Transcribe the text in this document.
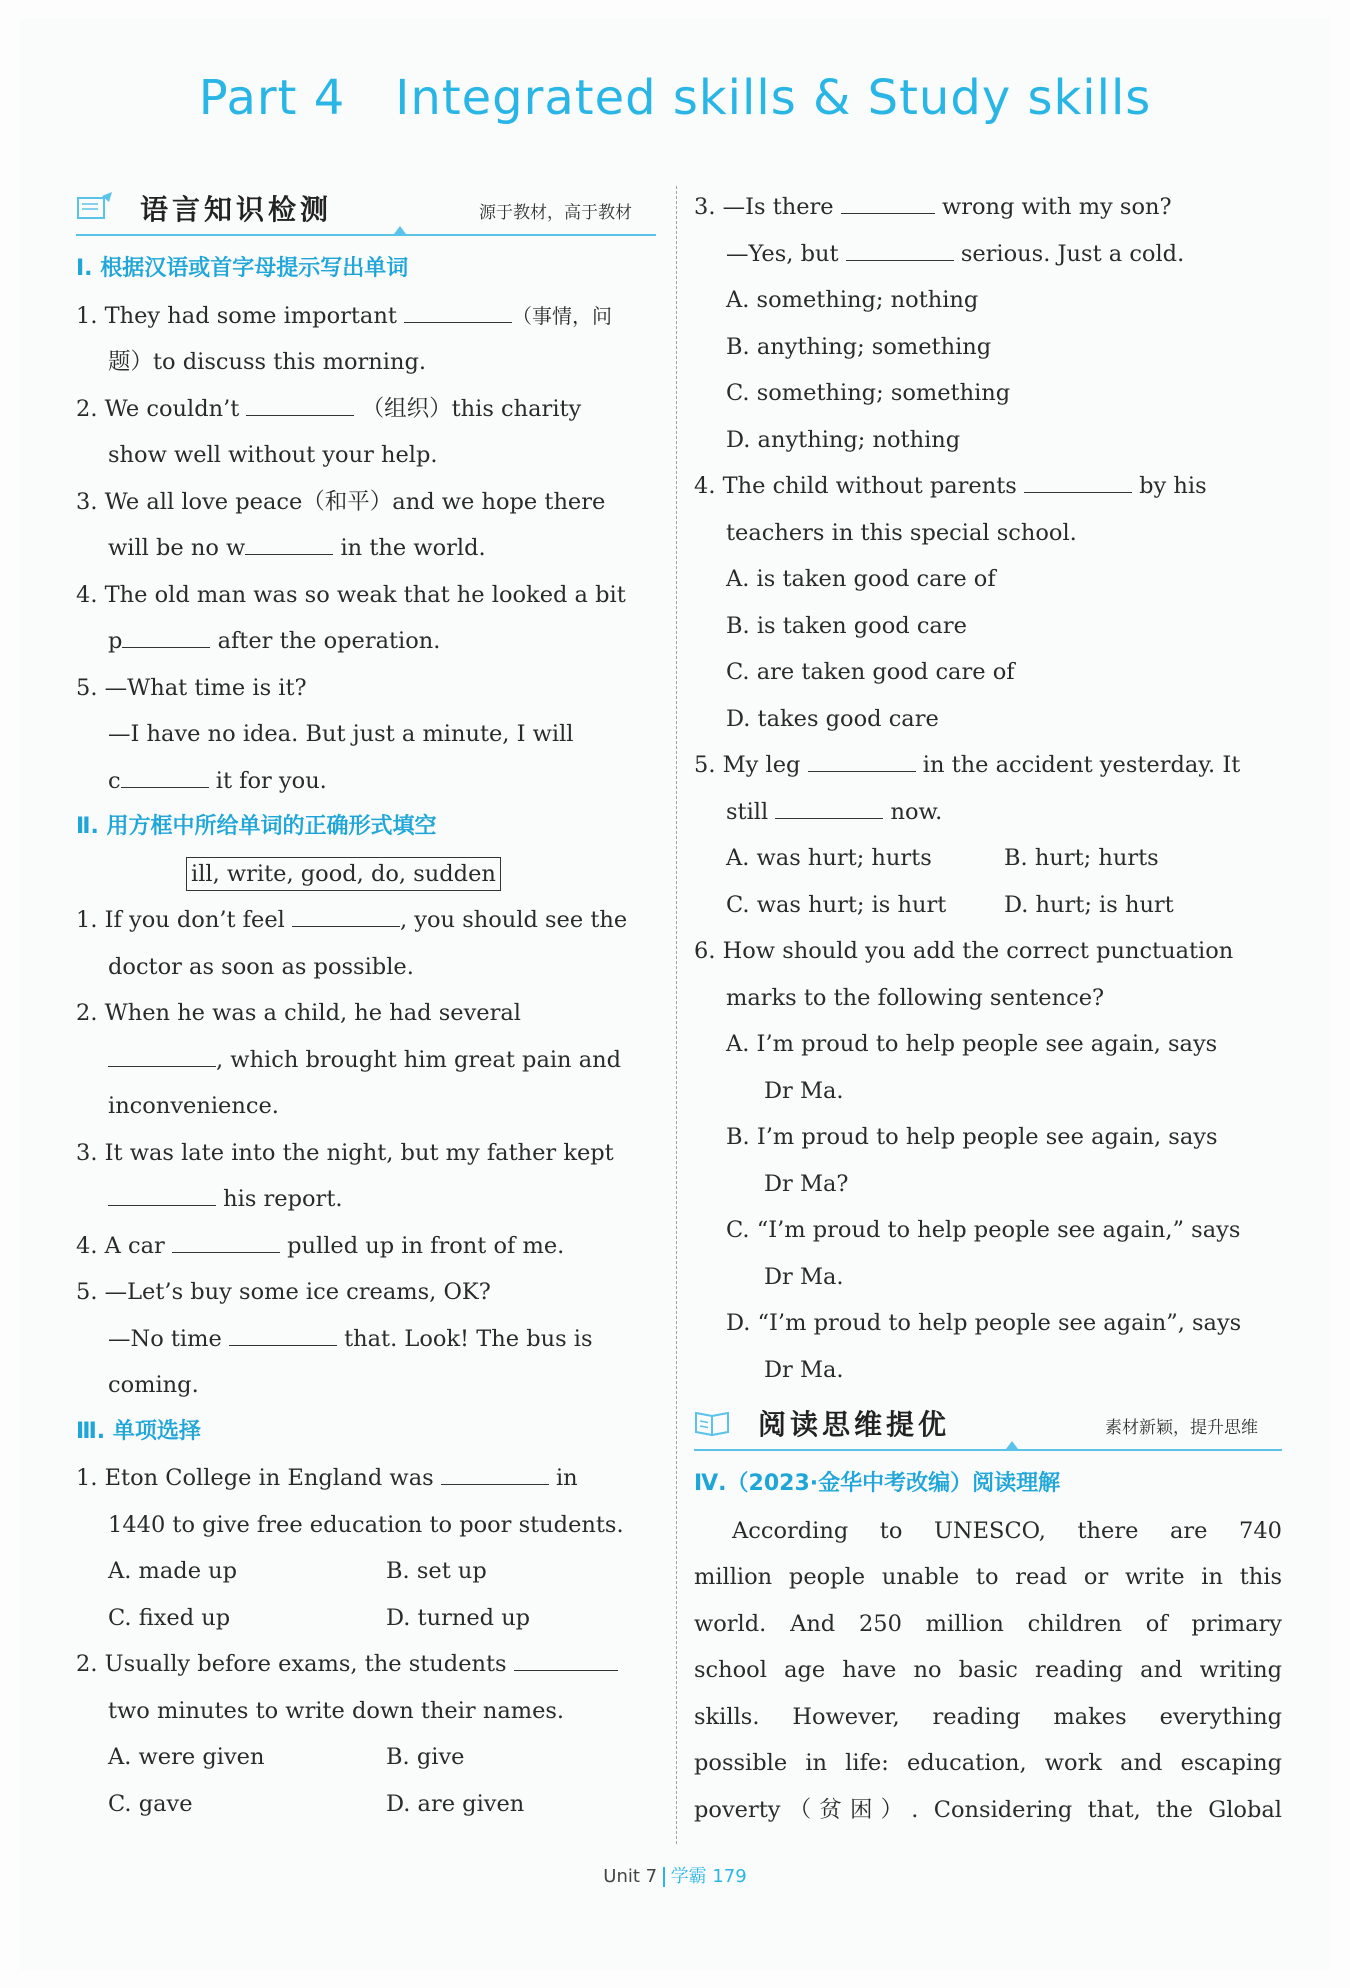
Part 4 Integrated skills & Study skills
语言知识检测	源于教材，高于教材
Ⅰ. 根据汉语或首字母提示写出单词
1. They had some important	（事情，问
题）to discuss this morning.
2. We couldn’t	（组织）this charity
show well without your help.
3. We all love peace（和平）and we hope there
will be no w	in the world.
4. The old man was so weak that he looked a bit
p	after the operation.
5. —What time is it?
—I have no idea. But just a minute, I will
c	it for you.
Ⅱ. 用方框中所给单词的正确形式填空
ill, write, good, do, sudden
1. If you don’t feel	, you should see the
doctor as soon as possible.
2. When he was a child, he had several
, which brought him great pain and
inconvenience.
3. It was late into the night, but my father kept
his report.
4. A car	pulled up in front of me.
5. —Let’s buy some ice creams, OK?
—No time	that. Look! The bus is
coming.
Ⅲ. 单项选择
1. Eton College in England was	in
1440 to give free education to poor students.
A. made up	B. set up
C. fixed up	D. turned up
2. Usually before exams, the students
two minutes to write down their names.
A. were given	B. give
C. gave	D. are given
3. —Is there	wrong with my son?
—Yes, but	serious. Just a cold.
A. something; nothing
B. anything; something
C. something; something
D. anything; nothing
4. The child without parents	by his
teachers in this special school.
A. is taken good care of
B. is taken good care
C. are taken good care of
D. takes good care
5. My leg	in the accident yesterday. It
still	now.
A. was hurt; hurts	B. hurt; hurts
C. was hurt; is hurt	D. hurt; is hurt
6. How should you add the correct punctuation
marks to the following sentence?
A. I’m proud to help people see again, says
Dr Ma.
B. I’m proud to help people see again, says
Dr Ma?
C. “I’m proud to help people see again,” says
Dr Ma.
D. “I’m proud to help people see again”, says
Dr Ma.
阅读思维提优	素材新颖，提升思维
Ⅳ.（2023·金华中考改编）阅读理解
According to UNESCO, there are 740
million people unable to read or write in this
world. And 250 million children of primary
school age have no basic reading and writing
skills. However, reading makes everything
possible in life: education, work and escaping
poverty（贫困）. Considering that, the Global
Unit 7 学霸 179
